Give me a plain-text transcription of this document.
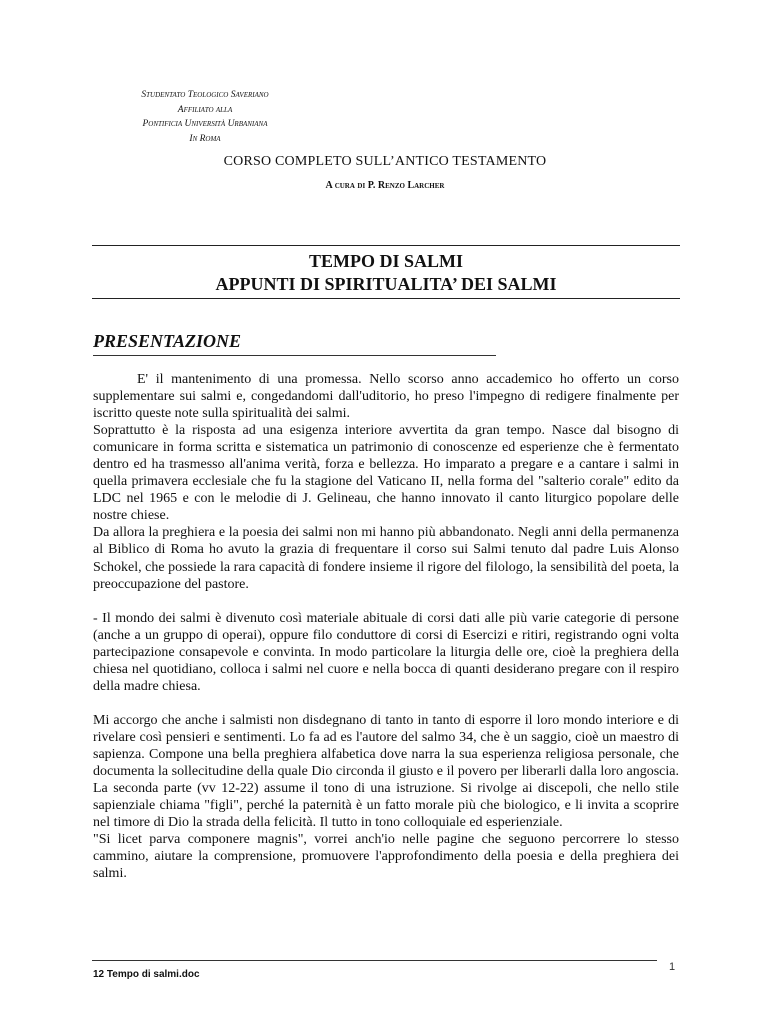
Studentato Teologico Saveriano
Affiliato alla
Pontificia Università Urbaniana
In Roma
CORSO COMPLETO SULL’ANTICO TESTAMENTO
A cura di P. Renzo Larcher
TEMPO DI SALMI
APPUNTI DI SPIRITUALITA’ DEI SALMI
PRESENTAZIONE

E' il mantenimento di una promessa. Nello scorso anno accademico ho offerto un corso supplementare sui salmi e, congedandomi dall'uditorio, ho preso l'impegno di redigere finalmente per iscritto queste note sulla spiritualità dei salmi.

Soprattutto è la risposta ad una esigenza interiore avvertita da gran tempo. Nasce dal bisogno di comunicare in forma scritta e sistematica un patrimonio di conoscenze ed esperienze che è fermentato dentro ed ha trasmesso all'anima verità, forza e bellezza. Ho imparato a pregare e a cantare i salmi in quella primavera ecclesiale che fu la stagione del Vaticano II, nella forma del "salterio corale" edito da LDC nel 1965 e con le melodie di J. Gelineau, che hanno innovato il canto liturgico popolare delle nostre chiese.

Da allora la preghiera e la poesia dei salmi non mi hanno più abbandonato. Negli anni della permanenza al Biblico di Roma ho avuto la grazia di frequentare il corso sui Salmi tenuto dal padre Luis Alonso Schokel, che possiede la rara capacità di fondere insieme il rigore del filologo, la sensibilità del poeta, la preoccupazione del pastore.

- Il mondo dei salmi è divenuto così materiale abituale di corsi dati alle più varie categorie di persone (anche a un gruppo di operai), oppure filo conduttore di corsi di Esercizi e ritiri, registrando ogni volta partecipazione consapevole e convinta. In modo particolare la liturgia delle ore, cioè la preghiera della chiesa nel quotidiano, colloca i salmi nel cuore e nella bocca di quanti desiderano pregare con il respiro della madre chiesa.

Mi accorgo che anche i salmisti non disdegnano di tanto in tanto di esporre il loro mondo interiore e di rivelare così pensieri e sentimenti. Lo fa ad es l'autore del salmo 34, che è un saggio, cioè un maestro di sapienza. Compone una bella preghiera alfabetica dove narra la sua esperienza religiosa personale, che documenta la sollecitudine della quale Dio circonda il giusto e il povero per liberarli dalla loro angoscia. La seconda parte (vv 12-22) assume il tono di una istruzione. Si rivolge ai discepoli, che nello stile sapienziale chiama "figli", perché la paternità è un fatto morale più che biologico, e li invita a scoprire nel timore di Dio la strada della felicità. Il tutto in tono colloquiale ed esperienziale.

"Si licet parva componere magnis", vorrei anch'io nelle pagine che seguono percorrere lo stesso cammino, aiutare la comprensione, promuovere l'approfondimento della poesia e della preghiera dei salmi.

12 Tempo di salmi.doc
1
